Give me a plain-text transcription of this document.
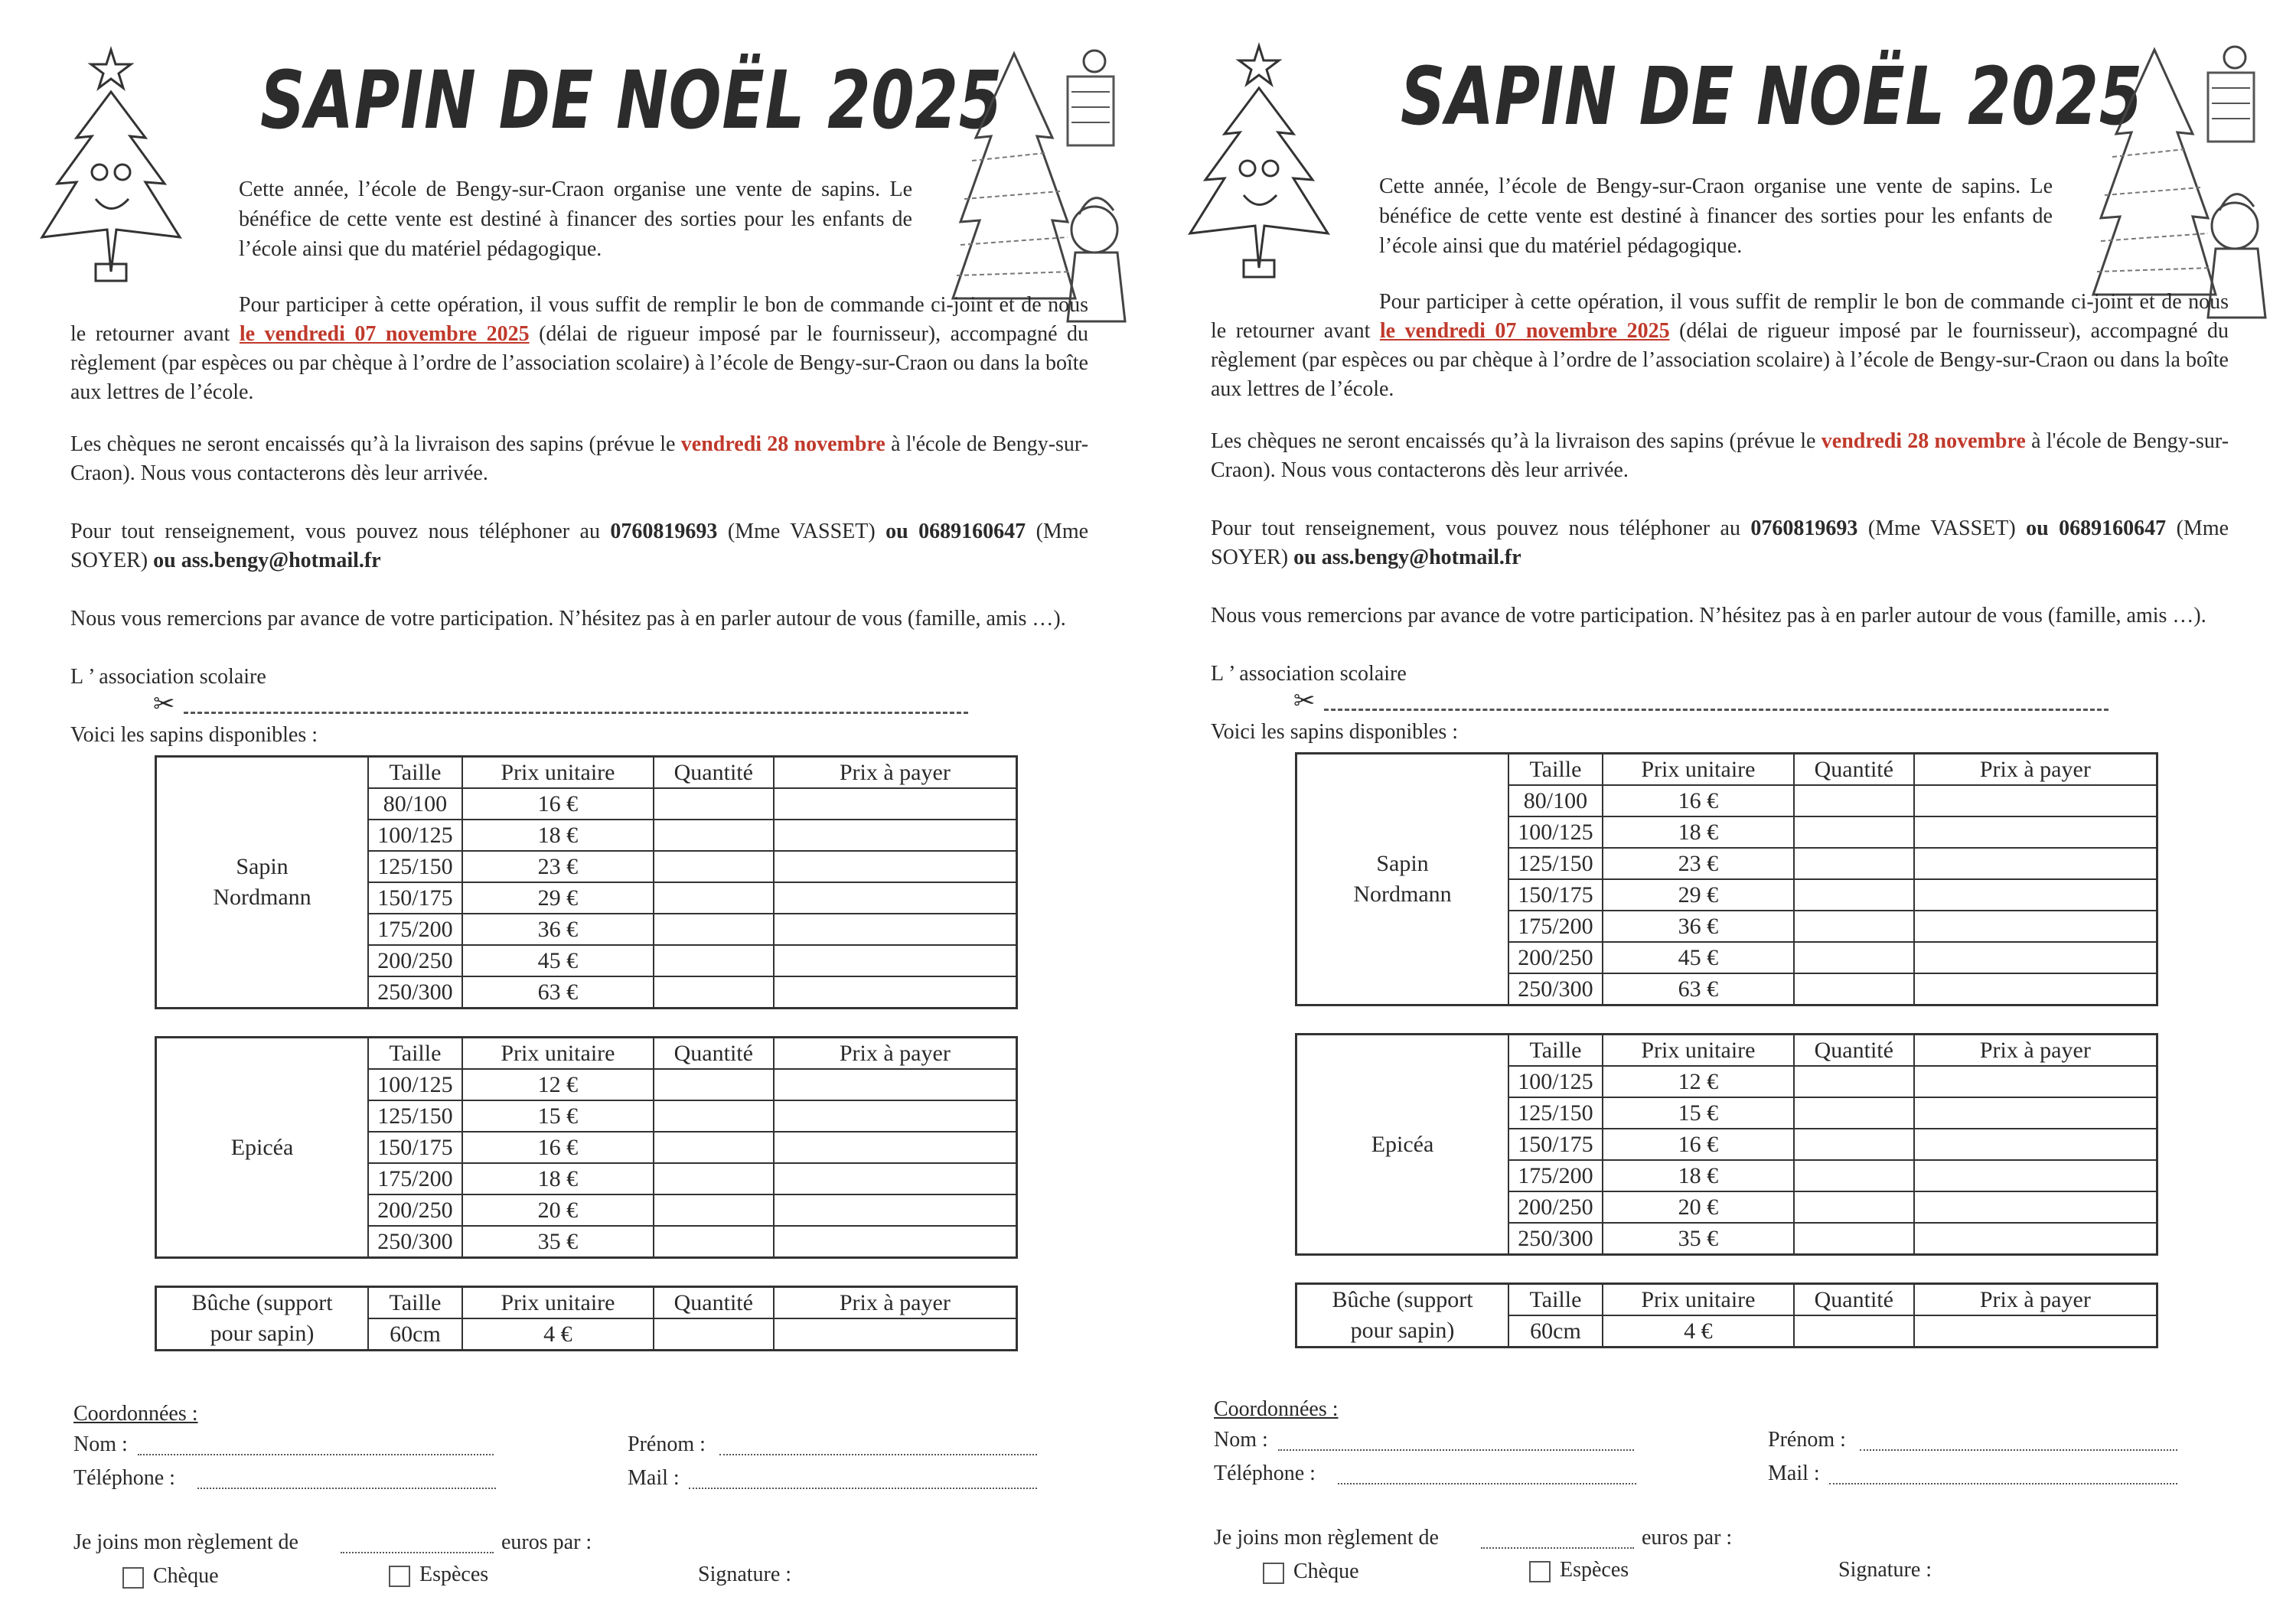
SAPIN DE NOËL 2025
Cette année, l’école de Bengy-sur-Craon organise une vente de sapins. Le bénéfice de cette vente est destiné à financer des sorties pour les enfants de l’école ainsi que du matériel pédagogique.
Pour participer à cette opération, il vous suffit de remplir le bon de commande ci-joint et de nous le retourner avant le vendredi 07 novembre 2025 (délai de rigueur imposé par le fournisseur), accompagné du règlement (par espèces ou par chèque à l’ordre de l’association scolaire) à l’école de Bengy-sur-Craon ou dans la boîte aux lettres de l’école.
Les chèques ne seront encaissés qu’à la livraison des sapins (prévue le vendredi 28 novembre à l'école de Bengy-sur-Craon). Nous vous contacterons dès leur arrivée.
Pour tout renseignement, vous pouvez nous téléphoner au 0760819693 (Mme VASSET) ou 0689160647 (Mme SOYER) ou ass.bengy@hotmail.fr
Nous vous remercions par avance de votre participation. N’hésitez pas à en parler autour de vous (famille, amis …).
L ’ association scolaire
✂
Voici les sapins disponibles :
Sapin
Nordmann	Taille	Prix unitaire	Quantité	Prix à payer
	80/100	16 €		
	100/125	18 €		
	125/150	23 €		
	150/175	29 €		
	175/200	36 €		
	200/250	45 €		
	250/300	63 €		
Epicéa	Taille	Prix unitaire	Quantité	Prix à payer
	100/125	12 €		
	125/150	15 €		
	150/175	16 €		
	175/200	18 €		
	200/250	20 €		
	250/300	35 €		
Bûche (support
pour sapin)	Taille	Prix unitaire	Quantité	Prix à payer
	60cm	4 €		
Coordonnées :
Nom :	Prénom :
Téléphone :	Mail :
Je joins mon règlement de	euros par :
Chèque	Espèces	Signature :
SAPIN DE NOËL 2025
Cette année, l’école de Bengy-sur-Craon organise une vente de sapins. Le bénéfice de cette vente est destiné à financer des sorties pour les enfants de l’école ainsi que du matériel pédagogique.
Pour participer à cette opération, il vous suffit de remplir le bon de commande ci-joint et de nous le retourner avant le vendredi 07 novembre 2025 (délai de rigueur imposé par le fournisseur), accompagné du règlement (par espèces ou par chèque à l’ordre de l’association scolaire) à l’école de Bengy-sur-Craon ou dans la boîte aux lettres de l’école.
Les chèques ne seront encaissés qu’à la livraison des sapins (prévue le vendredi 28 novembre à l'école de Bengy-sur-Craon). Nous vous contacterons dès leur arrivée.
Pour tout renseignement, vous pouvez nous téléphoner au 0760819693 (Mme VASSET) ou 0689160647 (Mme SOYER) ou ass.bengy@hotmail.fr
Nous vous remercions par avance de votre participation. N’hésitez pas à en parler autour de vous (famille, amis …).
L ’ association scolaire
✂
Voici les sapins disponibles :
Sapin
Nordmann	Taille	Prix unitaire	Quantité	Prix à payer
	80/100	16 €		
	100/125	18 €		
	125/150	23 €		
	150/175	29 €		
	175/200	36 €		
	200/250	45 €		
	250/300	63 €		
Epicéa	Taille	Prix unitaire	Quantité	Prix à payer
	100/125	12 €		
	125/150	15 €		
	150/175	16 €		
	175/200	18 €		
	200/250	20 €		
	250/300	35 €		
Bûche (support
pour sapin)	Taille	Prix unitaire	Quantité	Prix à payer
	60cm	4 €		
Coordonnées :
Nom :	Prénom :
Téléphone :	Mail :
Je joins mon règlement de	euros par :
Chèque	Espèces	Signature :
